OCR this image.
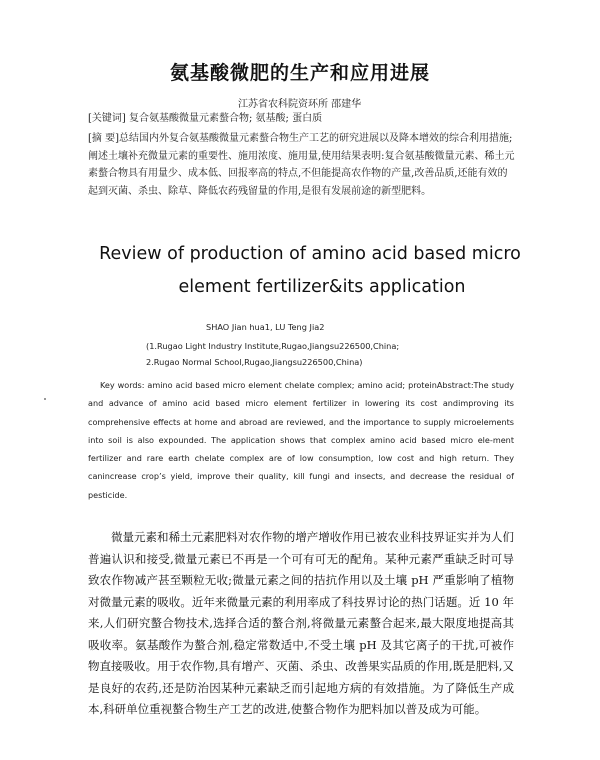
氨基酸微肥的生产和应用进展
江苏省农科院资环所 邵建华
[关键词] 复合氨基酸微量元素螯合物; 氨基酸; 蛋白质
[摘 要]总结国内外复合氨基酸微量元素螯合物生产工艺的研究进展以及降本增效的综合利用措施;阐述土壤补充微量元素的重要性、施用浓度、施用量,使用结果表明:复合氨基酸微量元素、稀土元素螯合物具有用量少、成本低、回报率高的特点,不但能提高农作物的产量,改善品质,还能有效的起到灭菌、杀虫、除草、降低农药残留量的作用,是很有发展前途的新型肥料。
Review of production of amino acid based micro
element fertilizer&its application
SHAO Jian hua1, LU Teng Jia2
(1.Rugao Light Industry Institute,Rugao,Jiangsu226500,China;
2.Rugao Normal School,Rugao,Jiangsu226500,China)

Key words: amino acid based micro element chelate complex; amino acid; proteinAbstract:The study and advance of amino acid based micro element fertilizer in lowering its cost andimproving its comprehensive effects at home and abroad are reviewed, and the importance to supply microelements into soil is also expounded. The application shows that complex amino acid based micro ele-ment fertilizer and rare earth chelate complex are of low consumption, low cost and high return. They canincrease crop’s yield, improve their quality, kill fungi and insects, and decrease the residual of pesticide.

微量元素和稀土元素肥料对农作物的增产增收作用已被农业科技界证实并为人们普遍认识和接受,微量元素已不再是一个可有可无的配角。某种元素严重缺乏时可导致农作物减产甚至颗粒无收;微量元素之间的拮抗作用以及土壤 pH 严重影响了植物对微量元素的吸收。近年来微量元素的利用率成了科技界讨论的热门话题。近 10 年来,人们研究螯合物技术,选择合适的螯合剂,将微量元素螯合起来,最大限度地提高其吸收率。氨基酸作为螯合剂,稳定常数适中,不受土壤 pH 及其它离子的干扰,可被作物直接吸收。用于农作物,具有增产、灭菌、杀虫、改善果实品质的作用,既是肥料,又是良好的农药,还是防治因某种元素缺乏而引起地方病的有效措施。为了降低生产成本,科研单位重视螯合物生产工艺的改进,使螯合物作为肥料加以普及成为可能。
